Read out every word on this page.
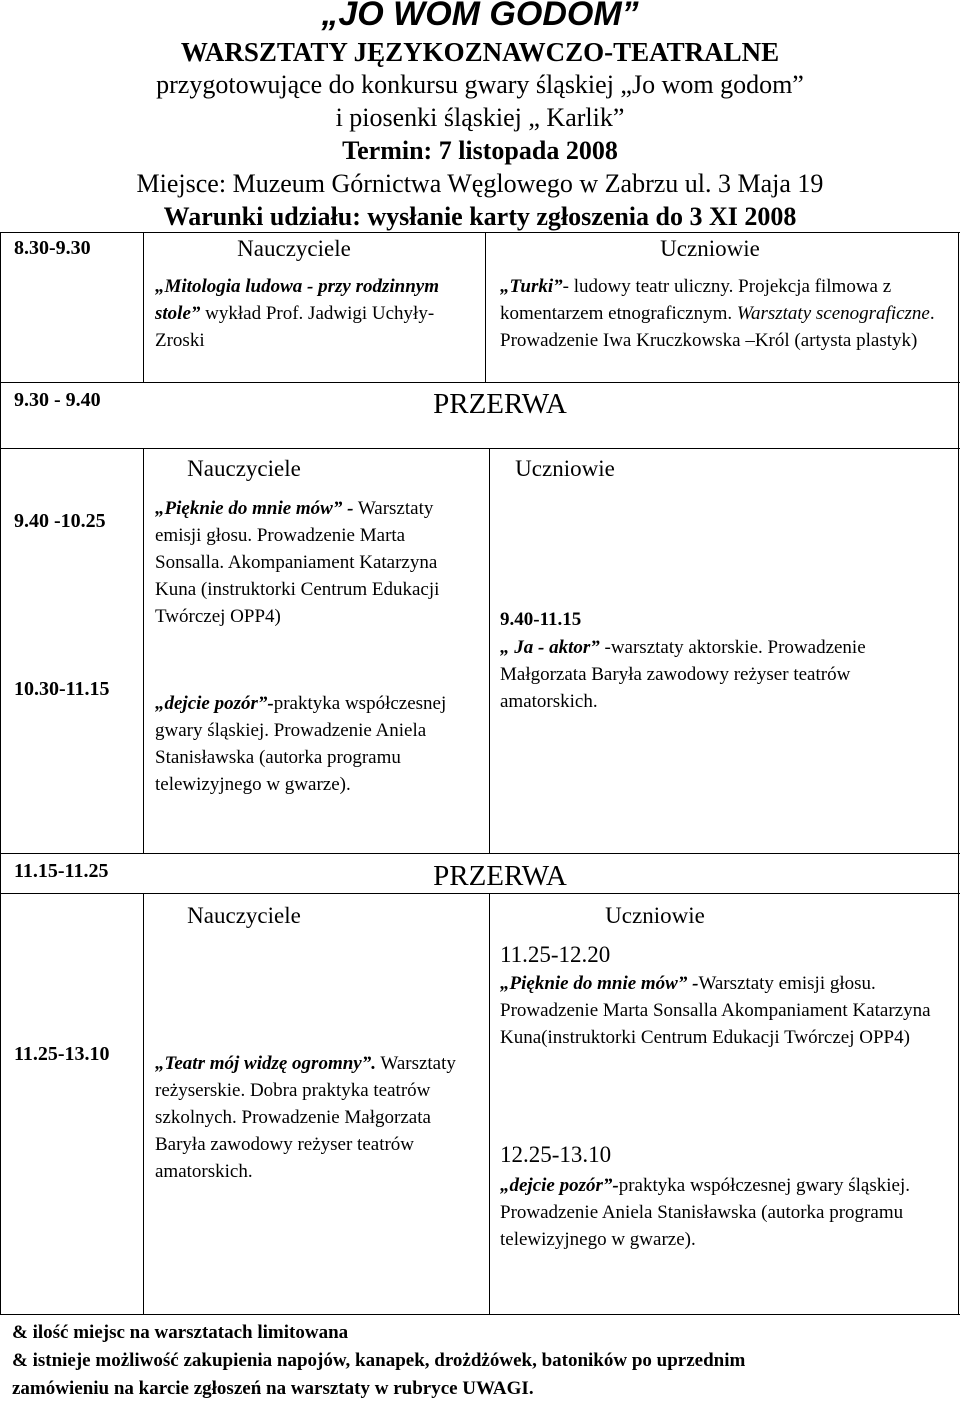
„JO WOM GODOM”
WARSZTATY JĘZYKOZNAWCZO-TEATRALNE
przygotowujące do konkursu gwary śląskiej „Jo wom godom”
i piosenki śląskiej „ Karlik”
Termin: 7 listopada 2008
Miejsce: Muzeum Górnictwa Węglowego w Zabrzu ul. 3 Maja 19
Warunki udziału: wysłanie karty zgłoszenia do 3 XI 2008
8.30-9.30	Nauczyciele	Uczniowie
„Mitologia ludowa - przy rodzinnym stole” wykład Prof. Jadwigi Uchyły-Zroski
„Turki”- ludowy teatr uliczny. Projekcja filmowa z komentarzem etnograficznym. Warsztaty scenograficzne. Prowadzenie Iwa Kruczkowska –Król (artysta plastyk)
9.30 - 9.40	PRZERWA
Nauczyciele	Uczniowie
9.40 -10.25
10.30-11.15
„Pięknie do mnie mów” - Warsztaty emisji głosu. Prowadzenie Marta Sonsalla. Akompaniament Katarzyna Kuna (instruktorki Centrum Edukacji Twórczej OPP4)
„dejcie pozór”-praktyka współczesnej gwary śląskiej. Prowadzenie Aniela Stanisławska (autorka programu telewizyjnego w gwarze).
9.40-11.15
„ Ja - aktor” -warsztaty aktorskie. Prowadzenie Małgorzata Baryła zawodowy reżyser teatrów amatorskich.
11.15-11.25	PRZERWA
Nauczyciele	Uczniowie
11.25-13.10 „Teatr mój widzę ogromny”. Warsztaty reżyserskie. Dobra praktyka teatrów szkolnych. Prowadzenie Małgorzata Baryła zawodowy reżyser teatrów amatorskich.
11.25-12.20
„Pięknie do mnie mów” -Warsztaty emisji głosu. Prowadzenie Marta Sonsalla Akompaniament Katarzyna Kuna(instruktorki Centrum Edukacji Twórczej OPP4)
12.25-13.10
„dejcie pozór”-praktyka współczesnej gwary śląskiej. Prowadzenie Aniela Stanisławska (autorka programu telewizyjnego w gwarze).
& ilość miejsc na warsztatach limitowana
& istnieje możliwość zakupienia napojów, kanapek, drożdżówek, batoników po uprzednim
zamówieniu na karcie zgłoszeń na warsztaty w rubryce UWAGI.
